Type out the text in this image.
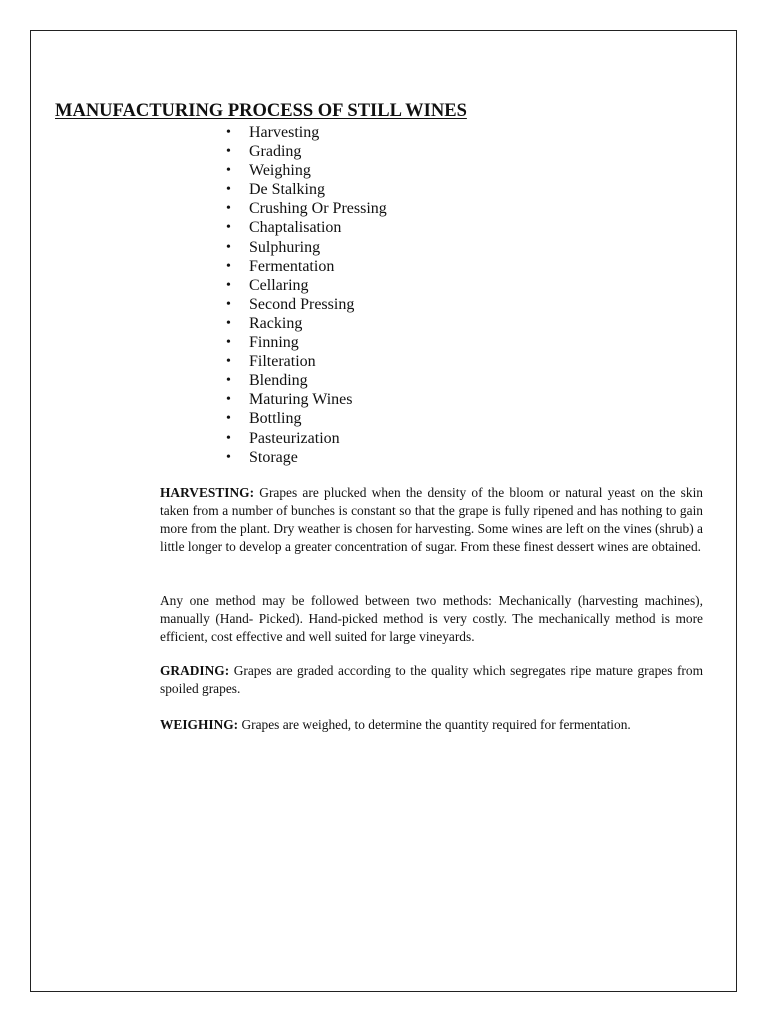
MANUFACTURING PROCESS OF STILL WINES
• Harvesting
• Grading
• Weighing
• De Stalking
• Crushing Or Pressing
• Chaptalisation
• Sulphuring
• Fermentation
• Cellaring
• Second Pressing
• Racking
• Finning
• Filteration
• Blending
• Maturing Wines
• Bottling
• Pasteurization
• Storage

HARVESTING: Grapes are plucked when the density of the bloom or natural yeast on the skin taken from a number of bunches is constant so that the grape is fully ripened and has nothing to gain more from the plant. Dry weather is chosen for harvesting. Some wines are left on the vines (shrub) a little longer to develop a greater concentration of sugar. From these finest dessert wines are obtained.

Any one method may be followed between two methods: Mechanically (harvesting machines), manually (Hand- Picked). Hand-picked method is very costly. The mechanically method is more efficient, cost effective and well suited for large vineyards.

GRADING: Grapes are graded according to the quality which segregates ripe mature grapes from spoiled grapes.

WEIGHING: Grapes are weighed, to determine the quantity required for fermentation.
